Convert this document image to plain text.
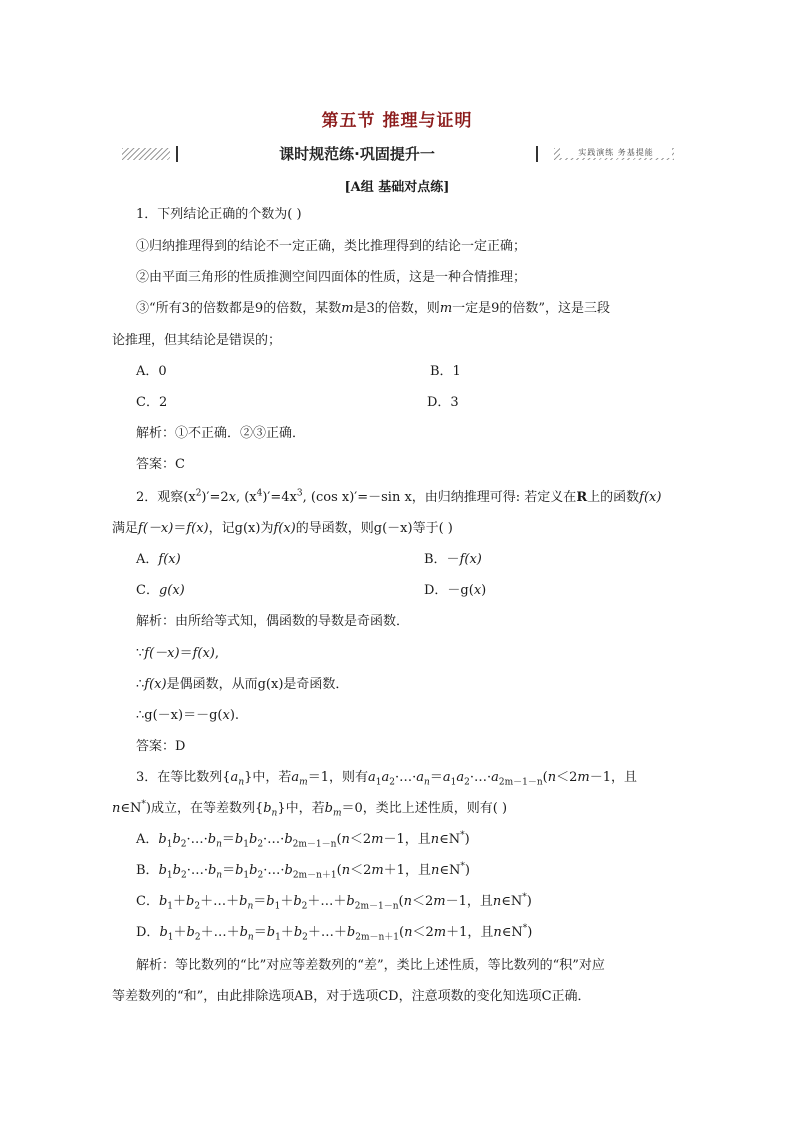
第五节 推理与证明
课时规范练·巩固提升一	实践演练 务基提能
[A组 基础对点练]
1．下列结论正确的个数为( )
①归纳推理得到的结论不一定正确，类比推理得到的结论一定正确；
②由平面三角形的性质推测空间四面体的性质，这是一种合情推理；
③“所有3的倍数都是9的倍数，某数m是3的倍数，则m一定是9的倍数”，这是三段
论推理，但其结论是错误的；
A．0	B．1
C．2	D．3
解析：①不正确．②③正确．
答案：C
2．观察$(x^2)'=2x$, $(x^4)'=4x^3$, (cos x)′=－sin x，由归纳推理可得: 若定义在R上的函数f(x)
满足f(－x)＝f(x)，记g(x)为f(x)的导函数，则g(－x)等于( )
A．f(x)	B．－f(x)
C．g(x)	D．－g(x)
解析：由所给等式知，偶函数的导数是奇函数．
∵f(－x)＝f(x),
∴f(x)是偶函数，从而g(x)是奇函数．
∴g(－x)＝－g(x).
答案：D
3．在等比数列$\{a_n\}$中，若$a_m=1$，则有$a_1a_2\cdot\dots\cdot a_n=a_1a_2\cdot\dots\cdot a_{2m-1-n}(n<2m-1$，且
n∈N*)成立，在等差数列$\{b_n\}$中，若$b_m=0$，类比上述性质，则有( )
A．$b_1b_2\cdot\dots\cdot b_n=b_1b_2\cdot\dots\cdot b_{2m-1-n}(n<2m-1$，且n∈N*)
B．$b_1b_2\cdot\dots\cdot b_n=b_1b_2\cdot\dots\cdot b_{2m-n+1}(n<2m+1$，且n∈N*)
C．$b_1+b_2+\dots+b_n=b_1+b_2+\dots+b_{2m-1-n}(n<2m-1$，且n∈N*)
D．$b_1+b_2+\dots+b_n=b_1+b_2+\dots+b_{2m-n+1}(n<2m+1$，且n∈N*)
解析：等比数列的“比”对应等差数列的“差”，类比上述性质，等比数列的“积”对应
等差数列的“和”，由此排除选项AB，对于选项CD，注意项数的变化知选项C正确．
